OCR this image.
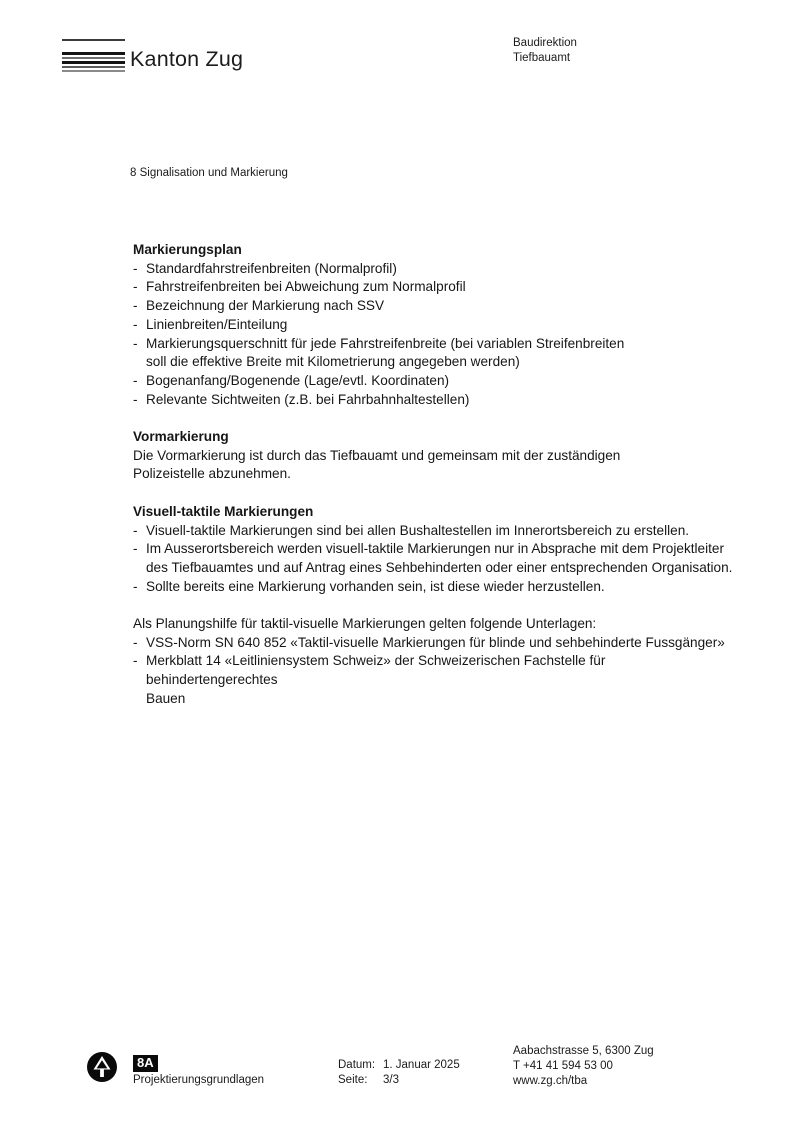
Kanton Zug
Baudirektion
Tiefbauamt
8 Signalisation und Markierung
Markierungsplan
- Standardfahrstreifenbreiten (Normalprofil)
- Fahrstreifenbreiten bei Abweichung zum Normalprofil
- Bezeichnung der Markierung nach SSV
- Linienbreiten/Einteilung
- Markierungsquerschnitt für jede Fahrstreifenbreite (bei variablen Streifenbreiten
soll die effektive Breite mit Kilometrierung angegeben werden)
- Bogenanfang/Bogenende (Lage/evtl. Koordinaten)
- Relevante Sichtweiten (z.B. bei Fahrbahnhaltestellen)
Vormarkierung
Die Vormarkierung ist durch das Tiefbauamt und gemeinsam mit der zuständigen
Polizeistelle abzunehmen.
Visuell-taktile Markierungen
- Visuell-taktile Markierungen sind bei allen Bushaltestellen im Innerortsbereich zu erstellen.
- Im Ausserortsbereich werden visuell-taktile Markierungen nur in Absprache mit dem Projektleiter
des Tiefbauamtes und auf Antrag eines Sehbehinderten oder einer entsprechenden Organisation.
- Sollte bereits eine Markierung vorhanden sein, ist diese wieder herzustellen.
Als Planungshilfe für taktil-visuelle Markierungen gelten folgende Unterlagen:
- VSS-Norm SN 640 852 «Taktil-visuelle Markierungen für blinde und sehbehinderte Fussgänger»
- Merkblatt 14 «Leitliniensystem Schweiz» der Schweizerischen Fachstelle für behindertengerechtes
Bauen
8A
Projektierungsgrundlagen
Datum: 1. Januar 2025
Seite:	3/3
Aabachstrasse 5, 6300 Zug
T +41 41 594 53 00
www.zg.ch/tba
